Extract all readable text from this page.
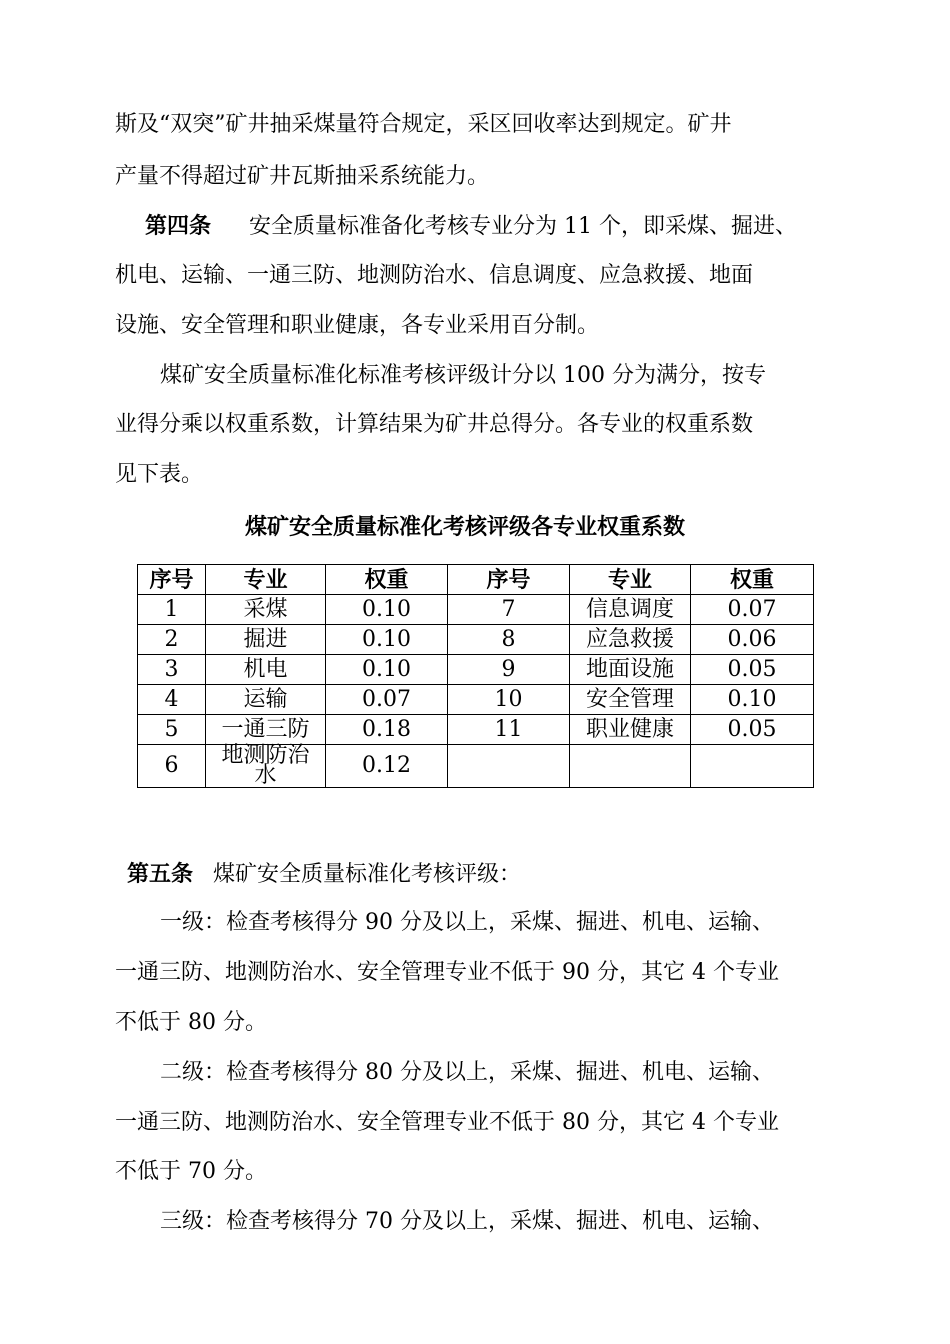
斯及“双突”矿井抽采煤量符合规定，采区回收率达到规定。矿井
产量不得超过矿井瓦斯抽采系统能力。
第四条 安全质量标准备化考核专业分为 11 个，即采煤、掘进、
机电、运输、一通三防、地测防治水、信息调度、应急救援、地面
设施、安全管理和职业健康，各专业采用百分制。
煤矿安全质量标准化标准考核评级计分以 100 分为满分，按专
业得分乘以权重系数，计算结果为矿井总得分。各专业的权重系数
见下表。
煤矿安全质量标准化考核评级各专业权重系数
序号	专业	权重	序号	专业	权重
1	采煤	0.10	7	信息调度	0.07
2	掘进	0.10	8	应急救援	0.06
3	机电	0.10	9	地面设施	0.05
4	运输	0.07	10	安全管理	0.10
5	一通三防	0.18	11	职业健康	0.05
6	地测防治水	0.12			
第五条 煤矿安全质量标准化考核评级：
一级：检查考核得分 90 分及以上，采煤、掘进、机电、运输、
一通三防、地测防治水、安全管理专业不低于 90 分，其它 4 个专业
不低于 80 分。
二级：检查考核得分 80 分及以上，采煤、掘进、机电、运输、
一通三防、地测防治水、安全管理专业不低于 80 分，其它 4 个专业
不低于 70 分。
三级：检查考核得分 70 分及以上，采煤、掘进、机电、运输、
